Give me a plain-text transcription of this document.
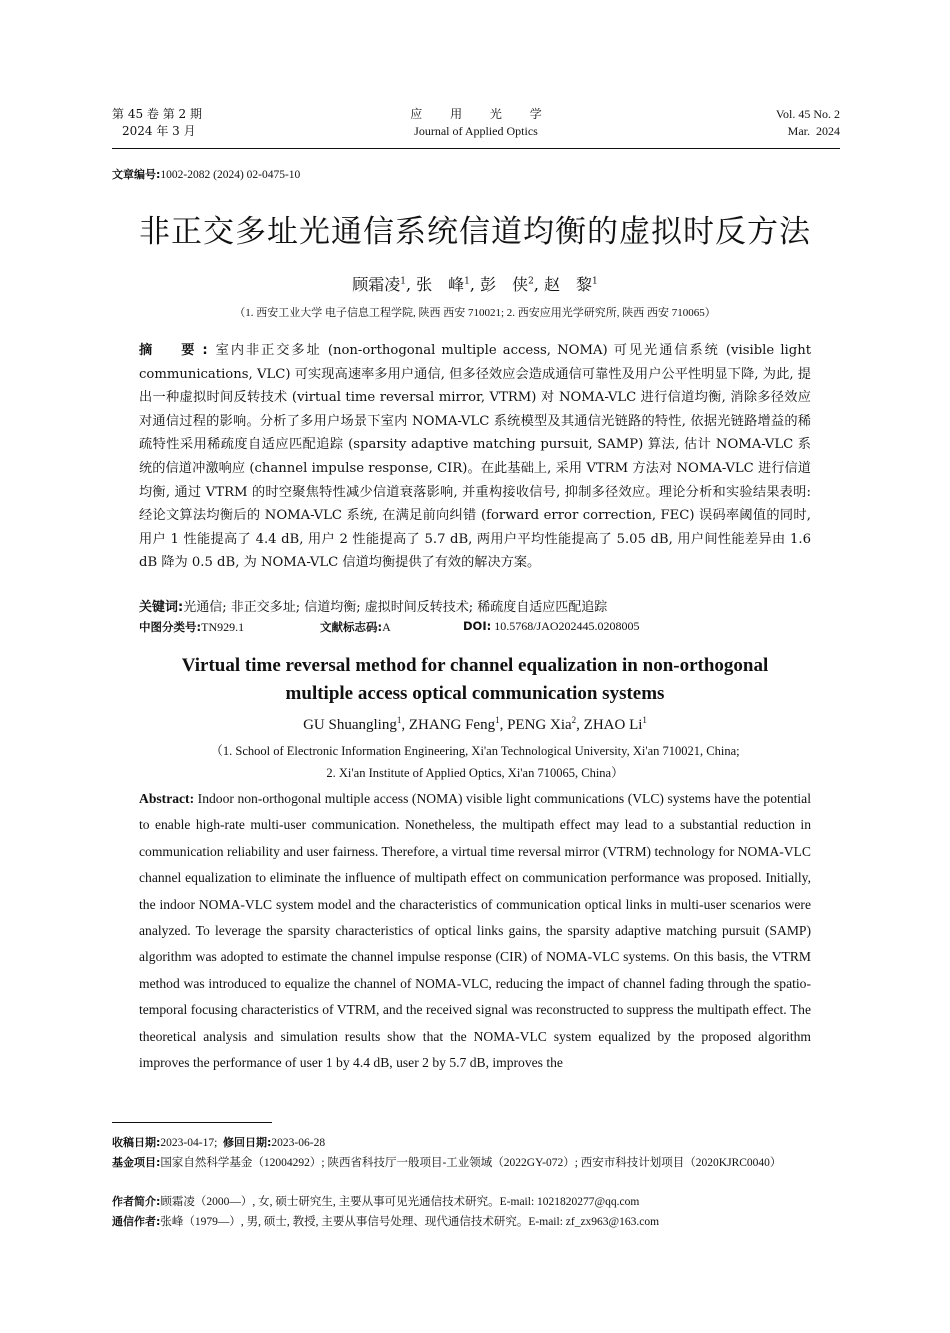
第 45 卷 第 2 期
2024 年 3 月
应 用 光 学
Journal of Applied Optics
Vol. 45 No. 2
Mar.  2024
文章编号:1002-2082 (2024) 02-0475-10
非正交多址光通信系统信道均衡的虚拟时反方法
顾霜凌$^1$, 张　峰$^1$, 彭　侠$^2$, 赵　黎$^1$
（1. 西安工业大学 电子信息工程学院, 陕西 西安 710021; 2. 西安应用光学研究所, 陕西 西安 710065）
摘　要:室内非正交多址 (non-orthogonal multiple access, NOMA) 可见光通信系统 (visible light communications, VLC) 可实现高速率多用户通信, 但多径效应会造成通信可靠性及用户公平性明显下降, 为此, 提出一种虚拟时间反转技术 (virtual time reversal mirror, VTRM) 对 NOMA-VLC 进行信道均衡, 消除多径效应对通信过程的影响。分析了多用户场景下室内 NOMA-VLC 系统模型及其通信光链路的特性, 依据光链路增益的稀疏特性采用稀疏度自适应匹配追踪 (sparsity adaptive matching pursuit, SAMP) 算法, 估计 NOMA-VLC 系统的信道冲激响应 (channel impulse response, CIR)。在此基础上, 采用 VTRM 方法对 NOMA-VLC 进行信道均衡, 通过 VTRM 的时空聚焦特性减少信道衰落影响, 并重构接收信号, 抑制多径效应。理论分析和实验结果表明: 经论文算法均衡后的 NOMA-VLC 系统, 在满足前向纠错 (forward error correction, FEC) 误码率阈值的同时, 用户 1 性能提高了 4.4 dB, 用户 2 性能提高了 5.7 dB, 两用户平均性能提高了 5.05 dB, 用户间性能差异由 1.6 dB 降为 0.5 dB, 为 NOMA-VLC 信道均衡提供了有效的解决方案。
关键词:光通信; 非正交多址; 信道均衡; 虚拟时间反转技术; 稀疏度自适应匹配追踪
中图分类号:TN929.1	文献标志码:A	DOI: 10.5768/JAO202445.0208005
Virtual time reversal method for channel equalization in non-orthogonal
multiple access optical communication systems
GU Shuangling$^1$, ZHANG Feng$^1$, PENG Xia$^2$, ZHAO Li$^1$
（1. School of Electronic Information Engineering, Xi'an Technological University, Xi'an 710021, China;
2. Xi'an Institute of Applied Optics, Xi'an 710065, China）
Abstract: Indoor non-orthogonal multiple access (NOMA) visible light communications (VLC) systems have the potential to enable high-rate multi-user communication. Nonetheless, the multipath effect may lead to a substantial reduction in communication reliability and user fairness. Therefore, a virtual time reversal mirror (VTRM) technology for NOMA-VLC channel equalization to eliminate the influence of multipath effect on communication performance was proposed. Initially, the indoor NOMA-VLC system model and the characteristics of communication optical links in multi-user scenarios were analyzed. To leverage the sparsity characteristics of optical links gains, the sparsity adaptive matching pursuit (SAMP) algorithm was adopted to estimate the channel impulse response (CIR) of NOMA-VLC systems. On this basis, the VTRM method was introduced to equalize the channel of NOMA-VLC, reducing the impact of channel fading through the spatio-temporal focusing characteristics of VTRM, and the received signal was reconstructed to suppress the multipath effect. The theoretical analysis and simulation results show that the NOMA-VLC system equalized by the proposed algorithm improves the performance of user 1 by 4.4 dB, user 2 by 5.7 dB, improves the
收稿日期:2023-04-17; 修回日期:2023-06-28
基金项目:国家自然科学基金（12004292）; 陕西省科技厅一般项目-工业领域（2022GY-072）; 西安市科技计划项目（2020KJRC0040）
作者简介:顾霜凌（2000—）, 女, 硕士研究生, 主要从事可见光通信技术研究。E-mail: 1021820277@qq.com
通信作者:张峰（1979—）, 男, 硕士, 教授, 主要从事信号处理、现代通信技术研究。E-mail: zf_zx963@163.com
